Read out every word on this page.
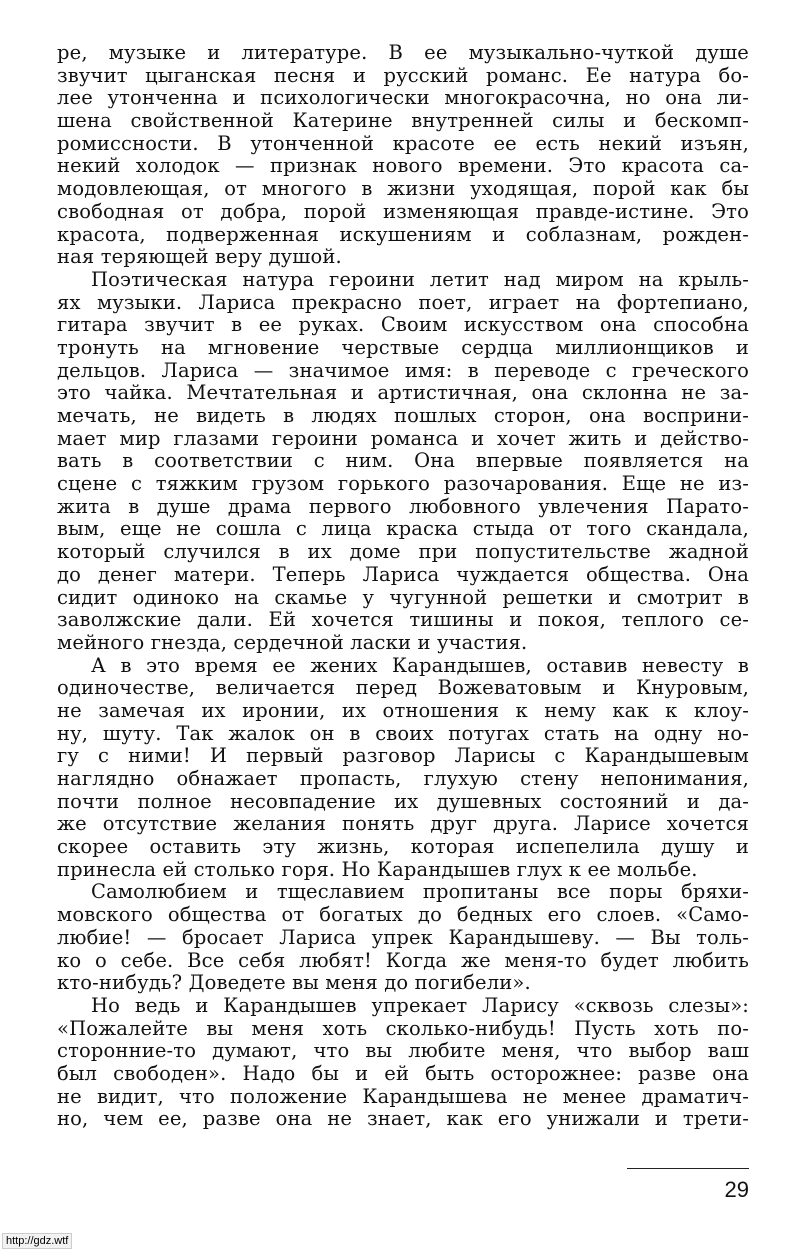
ре, музыке и литературе. В ее музыкально-чуткой душе
звучит цыганская песня и русский романс. Ее натура бо-
лее утонченна и психологически многокрасочна, но она ли-
шена свойственной Катерине внутренней силы и бескомп-
ромиссности. В утонченной красоте ее есть некий изъян,
некий холодок — признак нового времени. Это красота са-
модовлеющая, от многого в жизни уходящая, порой как бы
свободная от добра, порой изменяющая правде-истине. Это
красота, подверженная искушениям и соблазнам, рожден-
ная теряющей веру душой.
Поэтическая натура героини летит над миром на крыль-
ях музыки. Лариса прекрасно поет, играет на фортепиано,
гитара звучит в ее руках. Своим искусством она способна
тронуть на мгновение черствые сердца миллионщиков и
дельцов. Лариса — значимое имя: в переводе с греческого
это чайка. Мечтательная и артистичная, она склонна не за-
мечать, не видеть в людях пошлых сторон, она восприни-
мает мир глазами героини романса и хочет жить и действо-
вать в соответствии с ним. Она впервые появляется на
сцене с тяжким грузом горького разочарования. Еще не из-
жита в душе драма первого любовного увлечения Парато-
вым, еще не сошла с лица краска стыда от того скандала,
который случился в их доме при попустительстве жадной
до денег матери. Теперь Лариса чуждается общества. Она
сидит одиноко на скамье у чугунной решетки и смотрит в
заволжские дали. Ей хочется тишины и покоя, теплого се-
мейного гнезда, сердечной ласки и участия.
А в это время ее жених Карандышев, оставив невесту в
одиночестве, величается перед Вожеватовым и Кнуровым,
не замечая их иронии, их отношения к нему как к клоу-
ну, шуту. Так жалок он в своих потугах стать на одну но-
гу с ними! И первый разговор Ларисы с Карандышевым
наглядно обнажает пропасть, глухую стену непонимания,
почти полное несовпадение их душевных состояний и да-
же отсутствие желания понять друг друга. Ларисе хочется
скорее оставить эту жизнь, которая испепелила душу и
принесла ей столько горя. Но Карандышев глух к ее мольбе.
Самолюбием и тщеславием пропитаны все поры бряхи-
мовского общества от богатых до бедных его слоев. «Само-
любие! — бросает Лариса упрек Карандышеву. — Вы толь-
ко о себе. Все себя любят! Когда же меня-то будет любить
кто-нибудь? Доведете вы меня до погибели».
Но ведь и Карандышев упрекает Ларису «сквозь слезы»:
«Пожалейте вы меня хоть сколько-нибудь! Пусть хоть по-
сторонние-то думают, что вы любите меня, что выбор ваш
был свободен». Надо бы и ей быть осторожнее: разве она
не видит, что положение Карандышева не менее драматич-
но, чем ее, разве она не знает, как его унижали и трети-
29
http://gdz.wtf
